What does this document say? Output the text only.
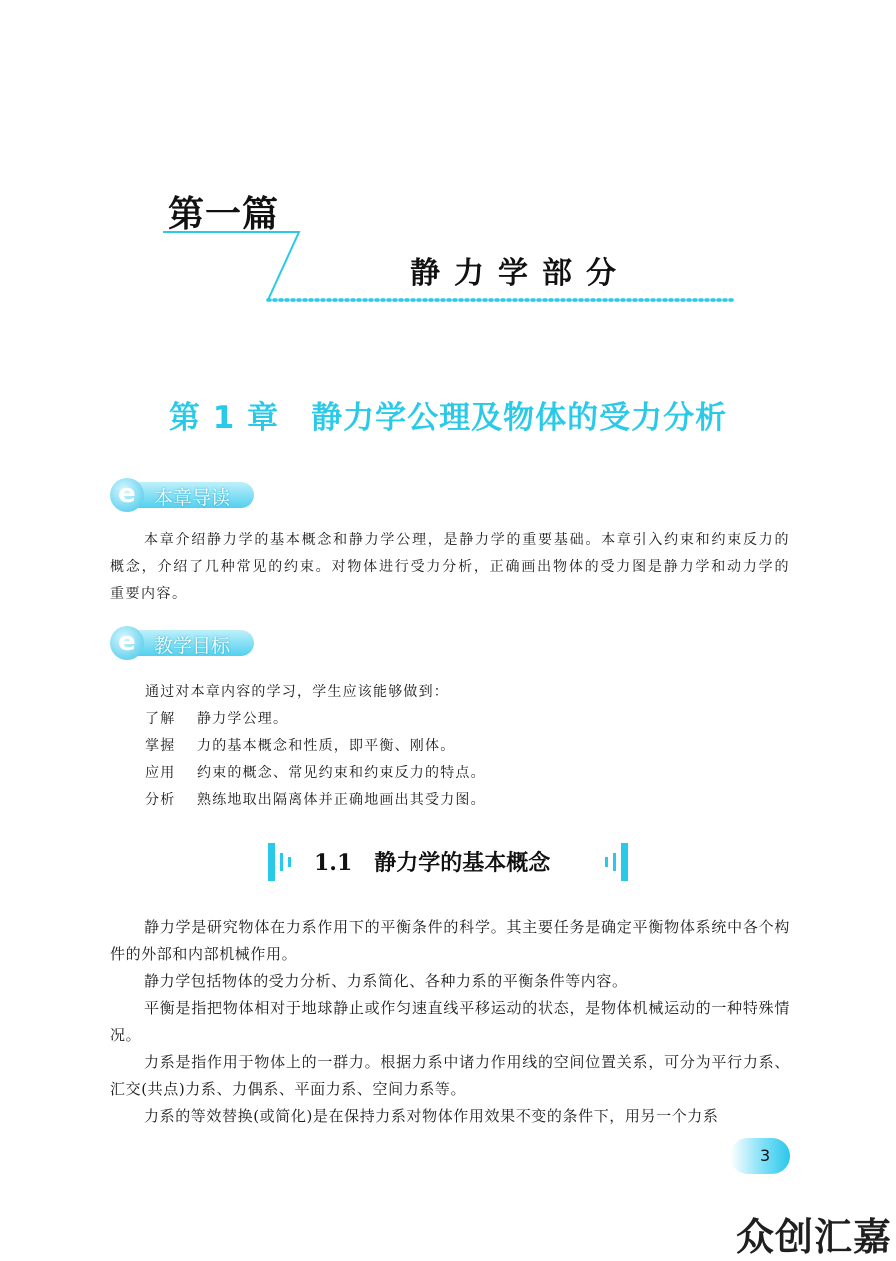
第一篇
静力学部分
第 1 章　静力学公理及物体的受力分析
e 本章导读
本章介绍静力学的基本概念和静力学公理，是静力学的重要基础。本章引入约束和约束反力的概念，介绍了几种常见的约束。对物体进行受力分析，正确画出物体的受力图是静力学和动力学的重要内容。
e 教学目标
通过对本章内容的学习，学生应该能够做到：
了解 静力学公理。
掌握 力的基本概念和性质，即平衡、刚体。
应用 约束的概念、常见约束和约束反力的特点。
分析 熟练地取出隔离体并正确地画出其受力图。
1.1　静力学的基本概念
静力学是研究物体在力系作用下的平衡条件的科学。其主要任务是确定平衡物体系统中各个构件的外部和内部机械作用。
静力学包括物体的受力分析、力系简化、各种力系的平衡条件等内容。
平衡是指把物体相对于地球静止或作匀速直线平移运动的状态，是物体机械运动的一种特殊情况。
力系是指作用于物体上的一群力。根据力系中诸力作用线的空间位置关系，可分为平行力系、汇交(共点)力系、力偶系、平面力系、空间力系等。
力系的等效替换(或简化)是在保持力系对物体作用效果不变的条件下，用另一个力系
3
众创汇嘉
